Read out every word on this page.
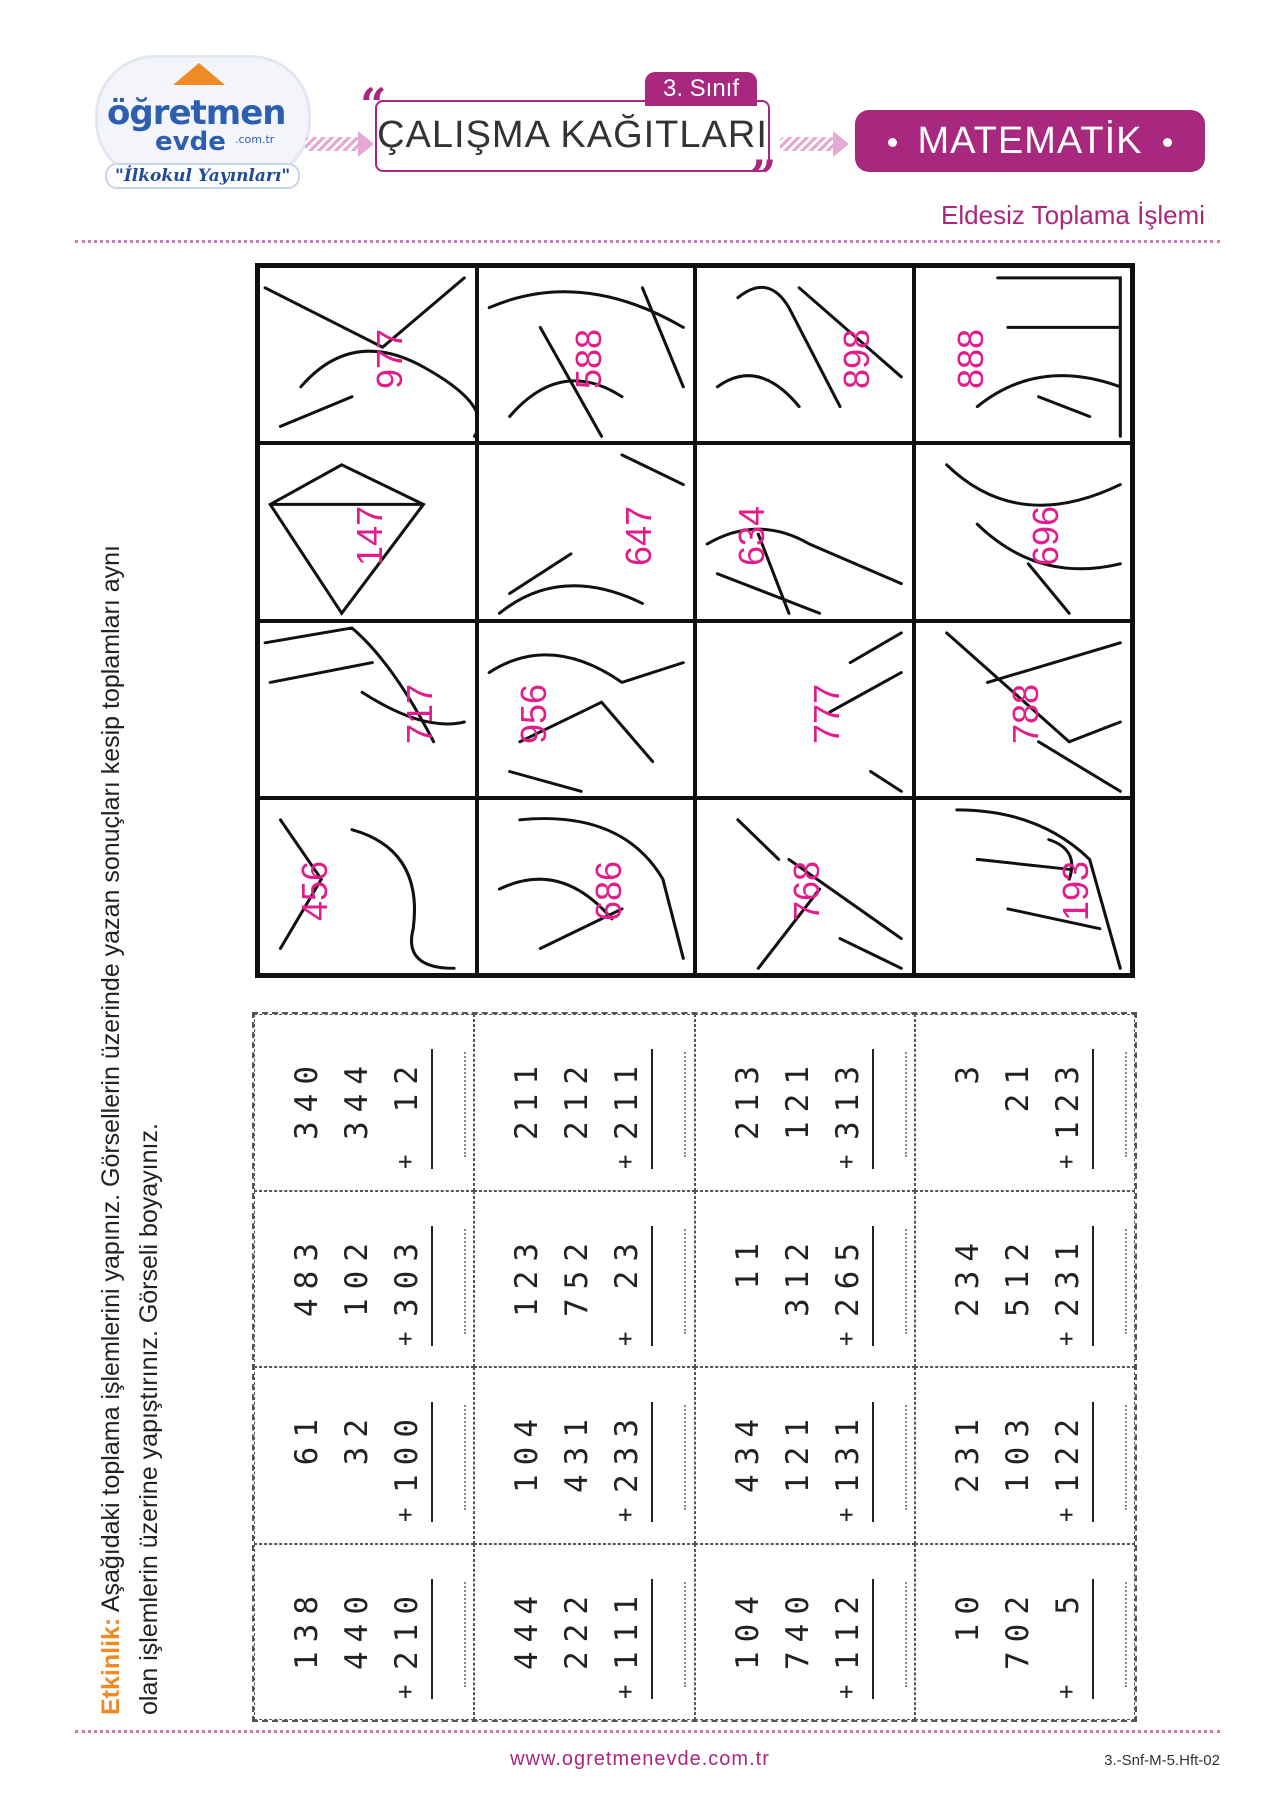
öğretmen
evde .com.tr
"İlkokul Yayınları"
“
ÇALIŞMA KAĞITLARI
3. Sınıf
”
MATEMATİK
Eldesiz Toplama İşlemi
Etkinlik: Aşağıdaki toplama işlemlerini yapınız. Görsellerin üzerinde yazan sonuçları kesip toplamları aynı olan işlemlerin üzerine yapıştırınız. Görseli boyayınız.
977	588	898 888
147	647 634	696
717 956	777	788
456	686	768	193
340 344 12
+
211 212 211
+
213 121 313
+
3 21 123
+
483 102 303
+
123 752 23
+
11 312 265
+
234 512 231
+
61 32 100
+
104 431 233
+
434 121 131
+
231 103 122
+
138 440 210
+
444 222 111
+
104 740 112
+
10 702 5
+
www.ogretmenevde.com.tr	3.-Snf-M-5.Hft-02
